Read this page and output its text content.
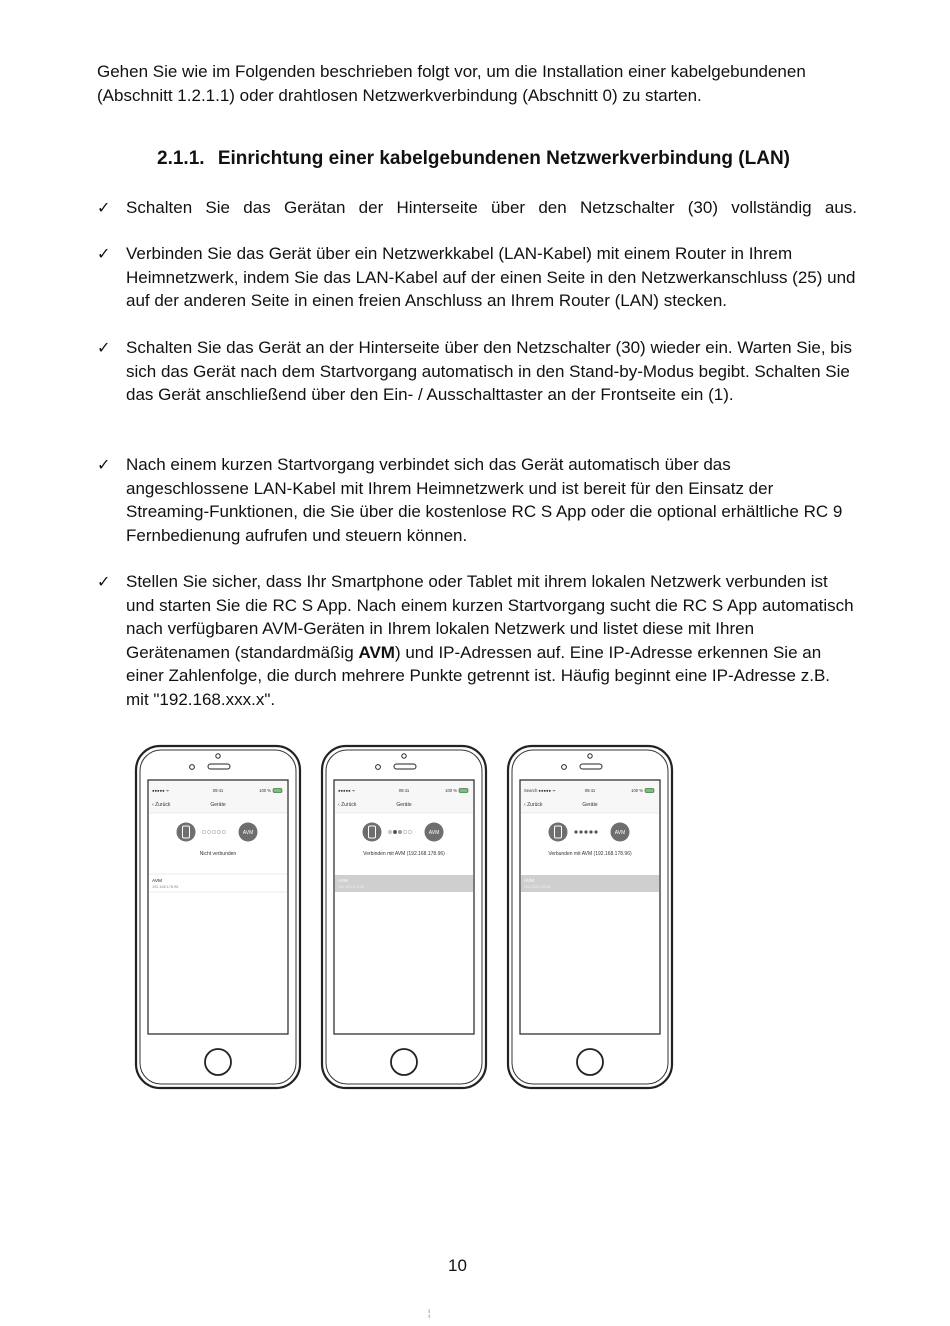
Gehen Sie wie im Folgenden beschrieben folgt vor, um die Installation einer kabelgebundenen (Abschnitt 1.2.1.1) oder drahtlosen Netzwerkverbindung (Abschnitt 0) zu starten.

2.1.1. Einrichtung einer kabelgebundenen Netzwerkverbindung (LAN)
✓ Schalten Sie das Gerätan der Hinterseite über den Netzschalter (30) vollständig aus.
✓ Verbinden Sie das Gerät über ein Netzwerkkabel (LAN-Kabel) mit einem Router in Ihrem Heimnetzwerk, indem Sie das LAN-Kabel auf der einen Seite in den Netzwerkanschluss (25) und auf der anderen Seite in einen freien Anschluss an Ihrem Router (LAN) stecken.
✓ Schalten Sie das Gerät an der Hinterseite über den Netzschalter (30) wieder ein. Warten Sie, bis sich das Gerät nach dem Startvorgang automatisch in den Stand-by-Modus begibt. Schalten Sie das Gerät anschließend über den Ein- / Ausschalttaster an der Frontseite ein (1).
✓ Nach einem kurzen Startvorgang verbindet sich das Gerät automatisch über das angeschlossene LAN-Kabel mit Ihrem Heimnetzwerk und ist bereit für den Einsatz der Streaming-Funktionen, die Sie über die kostenlose RC S App oder die optional erhältliche RC 9 Fernbedienung aufrufen und steuern können.
✓ Stellen Sie sicher, dass Ihr Smartphone oder Tablet mit ihrem lokalen Netzwerk verbunden ist und starten Sie die RC S App. Nach einem kurzen Startvorgang sucht die RC S App automatisch nach verfügbaren AVM-Geräten in Ihrem lokalen Netzwerk und listet diese mit Ihren Gerätenamen (standardmäßig AVM) und IP-Adressen auf. Eine IP-Adresse erkennen Sie an einer Zahlenfolge, die durch mehrere Punkte getrennt ist. Häufig beginnt eine IP-Adresse z.B. mit "192.168.xxx.x".
●●●●● ᯤ	09:41	100 %
‹ Zurück	Geräte
AVM
Nicht verbunden
AVM
192.168.178.96
●●●●● ᯤ	09:41	100 %
‹ Zurück	Geräte
AVM
Verbinden mit AVM (192.168.178.96)
AVM
192.168.178.96
Search ●●●●● ᯤ	09:41	100 %
‹ Zurück	Geräte
AVM
Verbunden mit AVM (192.168.178.96)
AVM
192.168.178.96
10
¦
